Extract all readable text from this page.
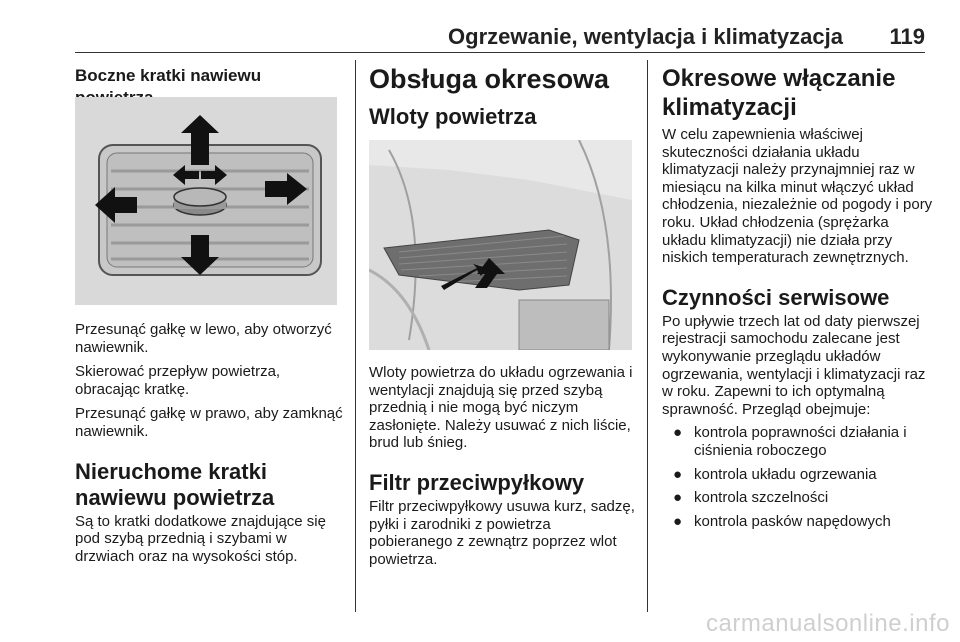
Ogrzewanie, wentylacja i klimatyzacja 119
Boczne kratki nawiewu

Przesunąć gałkę w lewo, aby otworzyć nawiewnik.

Skierować przepływ powietrza, obracając kratkę.

Przesunąć gałkę w prawo, aby zamknąć nawiewnik.

Nieruchome kratki nawiewu powietrza

Są to kratki dodatkowe znajdujące się pod szybą przednią i szybami w drzwiach oraz na wysokości stóp.

Obsługa okresowa
Wloty powietrza

Wloty powietrza do układu ogrzewania i wentylacji znajdują się przed szybą przednią i nie mogą być niczym zasłonięte. Należy usuwać z nich liście, brud lub śnieg.

Filtr przeciwpyłkowy

Filtr przeciwpyłkowy usuwa kurz, sadzę, pyłki i zarodniki z powietrza pobieranego z zewnątrz poprzez wlot powietrza.

Okresowe włączanie klimatyzacji

W celu zapewnienia właściwej skuteczności działania układu klimatyzacji należy przynajmniej raz w miesiącu na kilka minut włączyć układ chłodzenia, niezależnie od pogody i pory roku. Układ chłodzenia (sprężarka układu klimatyzacji) nie działa przy niskich temperaturach zewnętrznych.

Czynności serwisowe

Po upływie trzech lat od daty pierwszej rejestracji samochodu zalecane jest wykonywanie przeglądu układów ogrzewania, wentylacji i klimatyzacji raz w roku. Zapewni to ich optymalną sprawność. Przegląd obejmuje:

● kontrola poprawności działania i ciśnienia roboczego
● kontrola układu ogrzewania
● kontrola szczelności
● kontrola pasków napędowych
carmanualsonline.info
